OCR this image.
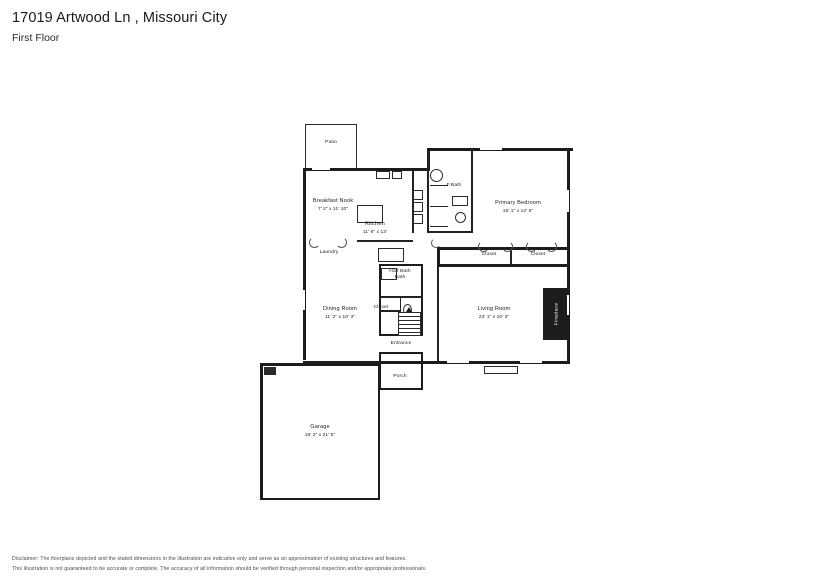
17019 Artwood Ln , Missouri City
First Floor
Fireplace
Patio
Breakfast Nook
7' 2" x 11' 10"
Kitchen
11' 6" x 13'
F.Bath
Primary Bedroom
15' 1" x 12' 6"
Laundry	Closet	Closet
Half Bath
Bath
Closet
Dining Room
11' 2" x 10' 3"
Living Room
23' 1" x 10' 3"
Entrance
Porch
Garage
18' 2" x 21' 5"
Disclaimer: The floorplans depicted and the stated dimensions in the illustration are indicative only and serve as an approximation of existing structures and features.
This illustration is not guaranteed to be accurate or complete. The accuracy of all information should be verified through personal inspection and/or appropriate professionals.
